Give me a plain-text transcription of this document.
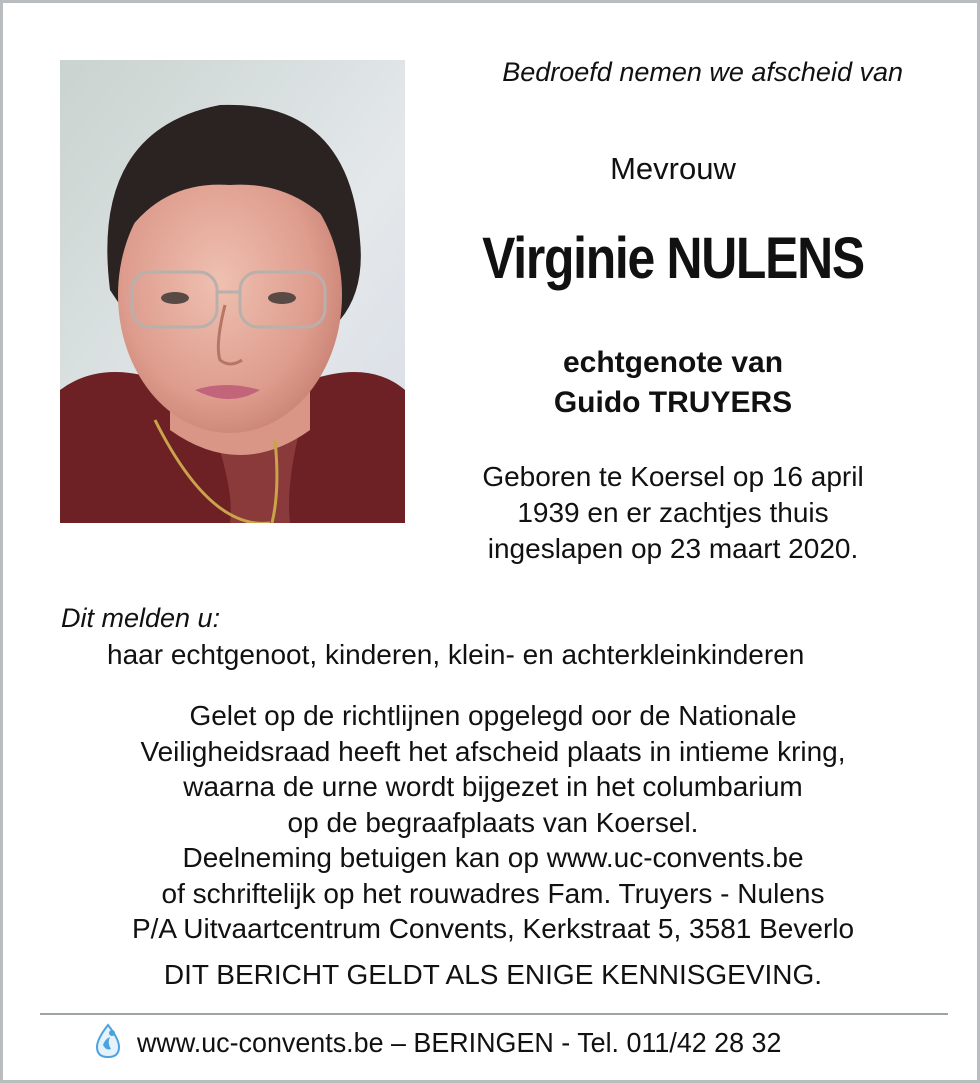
Bedroefd nemen we afscheid van
Mevrouw
Virginie NULENS
echtgenote van
Guido TRUYERS
Geboren te Koersel op 16 april
1939 en er zachtjes thuis
ingeslapen op 23 maart 2020.
Dit melden u:
haar echtgenoot, kinderen, klein- en achterkleinkinderen
Gelet op de richtlijnen opgelegd oor de Nationale
Veiligheidsraad heeft het afscheid plaats in intieme kring,
waarna de urne wordt bijgezet in het columbarium
op de begraafplaats van Koersel.
Deelneming betuigen kan op www.uc-convents.be
of schriftelijk op het rouwadres Fam. Truyers - Nulens
P/A Uitvaartcentrum Convents, Kerkstraat 5, 3581 Beverlo
DIT BERICHT GELDT ALS ENIGE KENNISGEVING.
www.uc-convents.be – BERINGEN - Tel. 011/42 28 32
